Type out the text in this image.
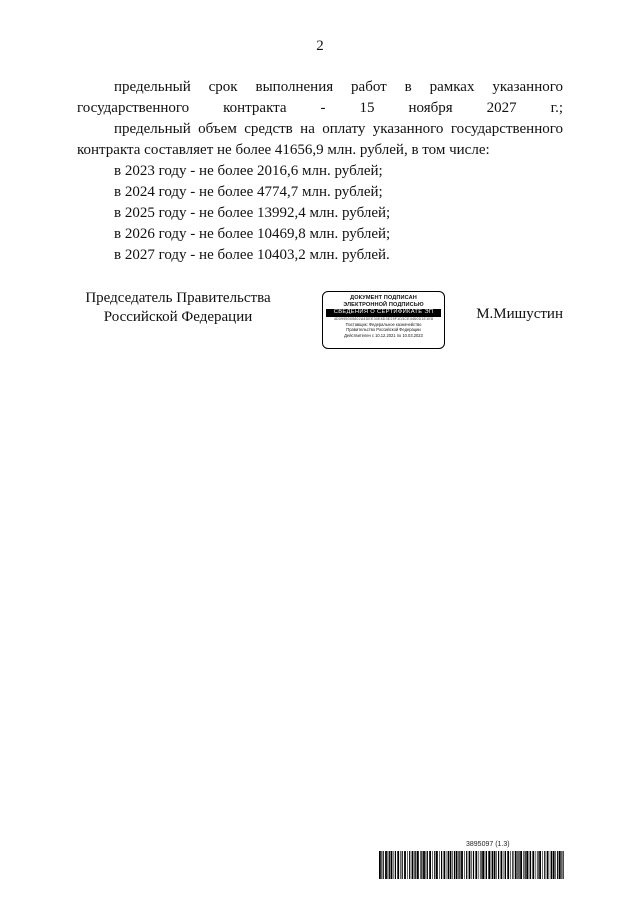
2

предельный срок выполнения работ в рамках указанного государственного контракта - 15 ноября 2027 г.;

предельный объем средств на оплату указанного государственного контракта составляет не более 41656,9 млн. рублей, в том числе:

в 2023 году - не более 2016,6 млн. рублей;

в 2024 году - не более 4774,7 млн. рублей;

в 2025 году - не более 13992,4 млн. рублей;

в 2026 году - не более 10469,8 млн. рублей;

в 2027 году - не более 10403,2 млн. рублей.

Председатель Правительства
Российской Федерации
ДОКУМЕНТ ПОДПИСАН
ЭЛЕКТРОННОЙ ПОДПИСЬЮ
СВЕДЕНИЯ О СЕРТИФИКАТЕ ЭП
4D0995005802A4DEE30E8D3E29F1D3CE4460D1E1E8
Поставщик: Федеральное казначейство
Правительство Российской Федерации
Действителен с 10.12.2021 по 10.03.2023
М.Мишустин
3895097 (1.3)
